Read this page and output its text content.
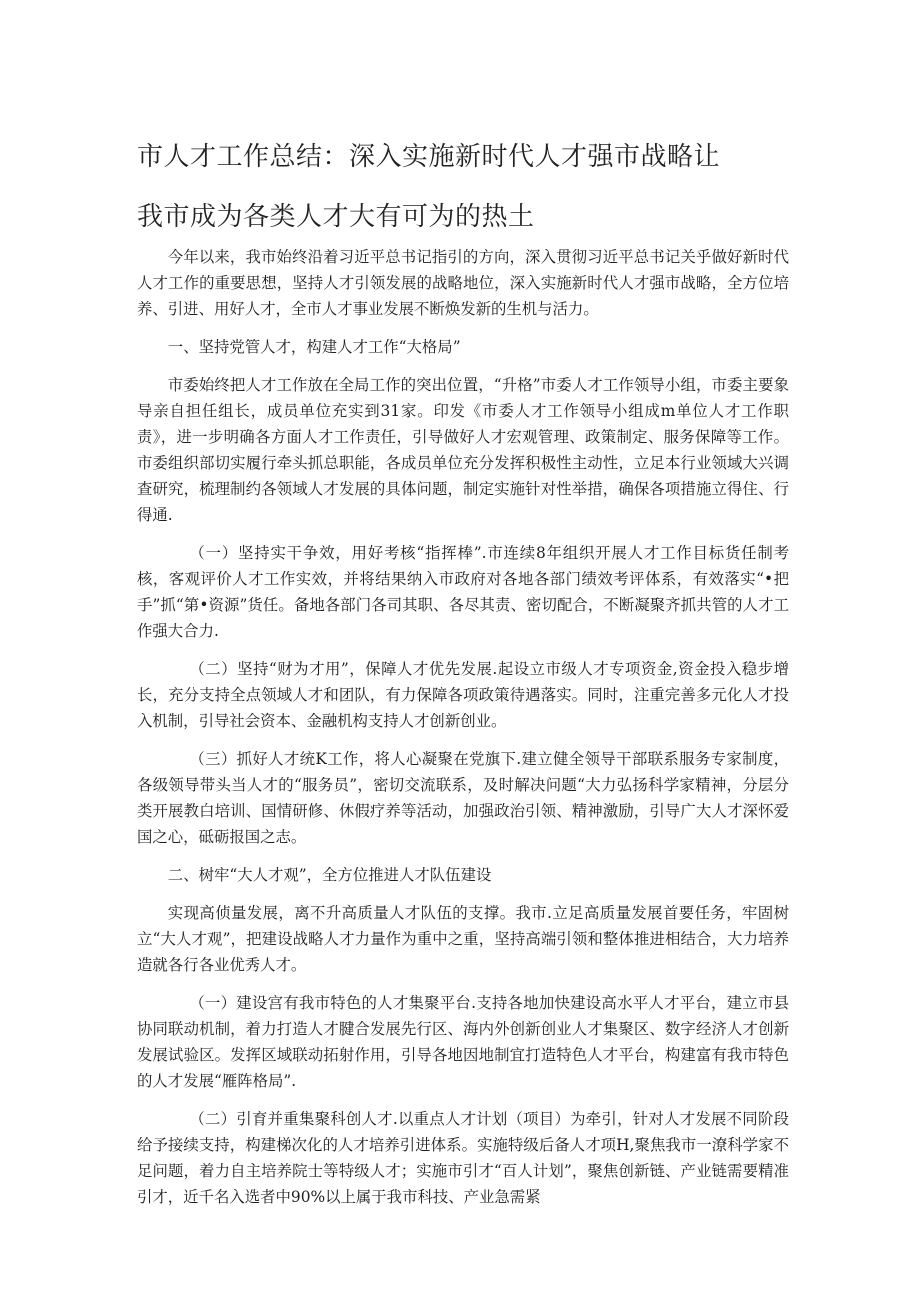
市人才工作总结：深入实施新时代人才强市战略让
我市成为各类人才大有可为的热土

今年以来，我市始终沿着习近平总书记指引的方向，深入贯彻习近平总书记关乎做好新时代人才工作的重要思想，坚持人才引领发展的战略地位，深入实施新时代人才强市战略，全方位培养、引进、用好人才，全市人才事业发展不断焕发新的生机与活力。

一、坚持党管人才，构建人才工作“大格局”

市委始终把人才工作放在全局工作的突出位置，“升格”市委人才工作领导小组，市委主要象导亲自担任组长，成员单位充实到31家。印发《市委人才工作领导小组成m单位人才工作职责》，进一步明确各方面人才工作责任，引导做好人才宏观管理、政策制定、服务保障等工作。市委组织部切实履行牵头抓总职能，各成员单位充分发挥积极性主动性，立足本行业领域大兴调查研究，梳理制约各领域人才发展的具体问题，制定实施针对性举措，确保各项措施立得住、行得通.

（一）坚持实干争效，用好考核“指挥棒”.市连续8年组织开展人才工作目标货任制考核，客观评价人才工作实效，并将结果纳入市政府对各地各部门绩效考评体系，有效落实“•把手”抓“第•资源”货任。备地各部门各司其职、各尽其责、密切配合，不断凝聚齐抓共管的人才工作强大合力.

（二）坚持“财为才用”，保障人才优先发展.起设立市级人才专项资金,资金投入稳步增长，充分支持全点领域人才和团队，有力保障各项政策待遇落实。同时，注重完善多元化人才投入机制，引导社会资本、金融机构支持人才创新创业。

（三）抓好人才统K工作，将人心凝聚在党旗下.建立健全领导干部联系服务专家制度，各级领导带头当人才的“服务员”，密切交流联系，及时解决问题“大力弘扬科学家精神，分层分类开展教白培训、国情研修、休假疗养等活动，加强政治引领、精神激励，引导广大人才深怀爱国之心，砥砺报国之志。

二、树牢“大人才观”，全方位推进人才队伍建设

实现高侦量发展，离不升高质量人才队伍的支撑。我市.立足高质量发展首要任务，牢固树立“大人才观”，把建设战略人才力量作为重中之重，坚持高端引领和整体推进相结合，大力培养造就各行各业优秀人才。

（一）建设宫有我市特色的人才集聚平台.支持各地加快建设高水平人才平台，建立市县协同联动机制，着力打造人才腱合发展先行区、海内外创新创业人才集聚区、数字经济人才创新发展试验区。发挥区域联动拓射作用，引导各地因地制宜打造特色人才平台，构建富有我市特色的人才发展“雁阵格局”.

（二）引育并重集聚科创人才.以重点人才计划（项目）为牵引，针对人才发展不同阶段给予接续支持，构建梯次化的人才培养引进体系。实施特级后备人才项H,聚焦我市一潦科学家不足问题，着力自主培养院士等特级人才；实施市引才“百人计划”，聚焦创新链、产业链需要精准引才，近千名入选者中90%以上属于我市科技、产业急需紧
